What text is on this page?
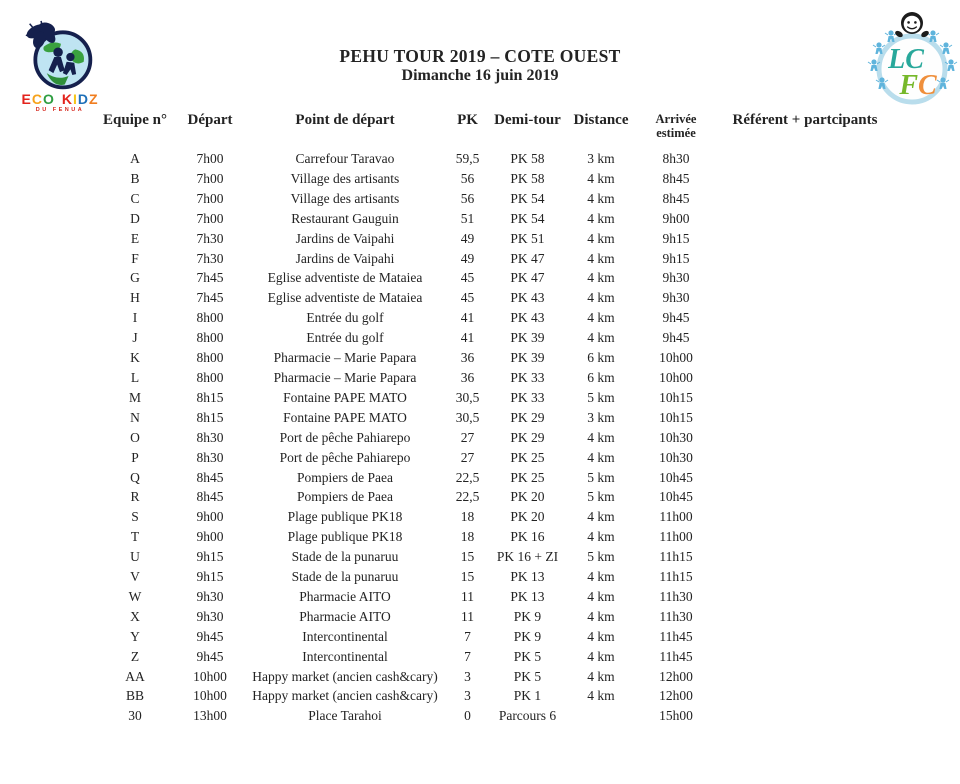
ECO KIDZ
DU FENUA
PEHU TOUR 2019 – COTE OUEST
Dimanche 16 juin 2019
LC
FC
Equipe n°	Départ	Point de départ	PK	Demi-tour	Distance	Arrivée estimée	Référent + partcipants
A	7h00	Carrefour Taravao	59,5	PK 58	3 km	8h30	
B	7h00	Village des artisants	56	PK 58	4 km	8h45	
C	7h00	Village des artisants	56	PK 54	4 km	8h45	
D	7h00	Restaurant Gauguin	51	PK 54	4 km	9h00	
E	7h30	Jardins de Vaipahi	49	PK 51	4 km	9h15	
F	7h30	Jardins de Vaipahi	49	PK 47	4 km	9h15	
G	7h45	Eglise adventiste de Mataiea	45	PK 47	4 km	9h30	
H	7h45	Eglise adventiste de Mataiea	45	PK 43	4 km	9h30	
I	8h00	Entrée du golf	41	PK 43	4 km	9h45	
J	8h00	Entrée du golf	41	PK 39	4 km	9h45	
K	8h00	Pharmacie – Marie Papara	36	PK 39	6 km	10h00	
L	8h00	Pharmacie – Marie Papara	36	PK 33	6 km	10h00	
M	8h15	Fontaine PAPE MATO	30,5	PK 33	5 km	10h15	
N	8h15	Fontaine PAPE MATO	30,5	PK 29	3 km	10h15	
O	8h30	Port de pêche Pahiarepo	27	PK 29	4 km	10h30	
P	8h30	Port de pêche Pahiarepo	27	PK 25	4 km	10h30	
Q	8h45	Pompiers de Paea	22,5	PK 25	5 km	10h45	
R	8h45	Pompiers de Paea	22,5	PK 20	5 km	10h45	
S	9h00	Plage publique PK18	18	PK 20	4 km	11h00	
T	9h00	Plage publique PK18	18	PK 16	4 km	11h00	
U	9h15	Stade de la punaruu	15	PK 16 + ZI	5 km	11h15	
V	9h15	Stade de la punaruu	15	PK 13	4 km	11h15	
W	9h30	Pharmacie AITO	11	PK 13	4 km	11h30	
X	9h30	Pharmacie AITO	11	PK 9	4 km	11h30	
Y	9h45	Intercontinental	7	PK 9	4 km	11h45	
Z	9h45	Intercontinental	7	PK 5	4 km	11h45	
AA	10h00	Happy market (ancien cash&cary)	3	PK 5	4 km	12h00	
BB	10h00	Happy market (ancien cash&cary)	3	PK 1	4 km	12h00	
30	13h00	Place Tarahoi	0	Parcours 6		15h00	
